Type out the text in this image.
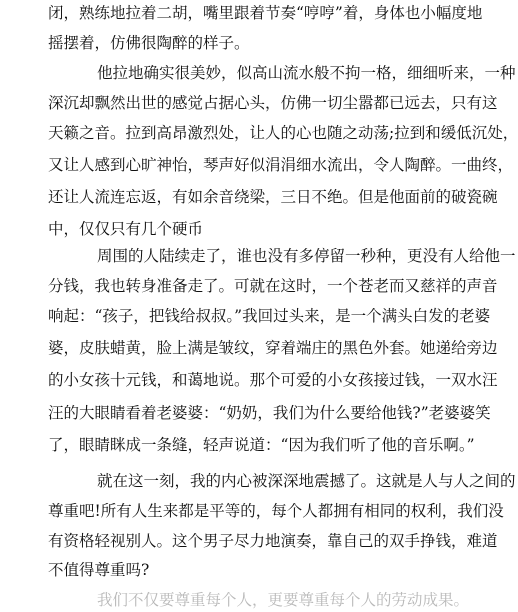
闭，熟练地拉着二胡，嘴里跟着节奏“哼哼”着，身体也小幅度地
摇摆着，仿佛很陶醉的样子。
他拉地确实很美妙，似高山流水般不拘一格，细细听来，一种
深沉却飘然出世的感觉占据心头，仿佛一切尘嚣都已远去，只有这
天籁之音。拉到高昂激烈处，让人的心也随之动荡;拉到和缓低沉处，
又让人感到心旷神怡，琴声好似涓涓细水流出，令人陶醉。一曲终，
还让人流连忘返，有如余音绕梁，三日不绝。但是他面前的破瓷碗
中，仅仅只有几个硬币
周围的人陆续走了，谁也没有多停留一秒种，更没有人给他一
分钱，我也转身准备走了。可就在这时，一个苍老而又慈祥的声音
响起：“孩子，把钱给叔叔。”我回过头来，是一个满头白发的老婆
婆，皮肤蜡黄，脸上满是皱纹，穿着端庄的黑色外套。她递给旁边
的小女孩十元钱，和蔼地说。那个可爱的小女孩接过钱，一双水汪
汪的大眼睛看着老婆婆：“奶奶，我们为什么要给他钱?”老婆婆笑
了，眼睛眯成一条缝，轻声说道：“因为我们听了他的音乐啊。”
就在这一刻，我的内心被深深地震撼了。这就是人与人之间的
尊重吧!所有人生来都是平等的，每个人都拥有相同的权利，我们没
有资格轻视别人。这个男子尽力地演奏，靠自己的双手挣钱，难道
不值得尊重吗?
我们不仅要尊重每个人，更要尊重每个人的劳动成果。
